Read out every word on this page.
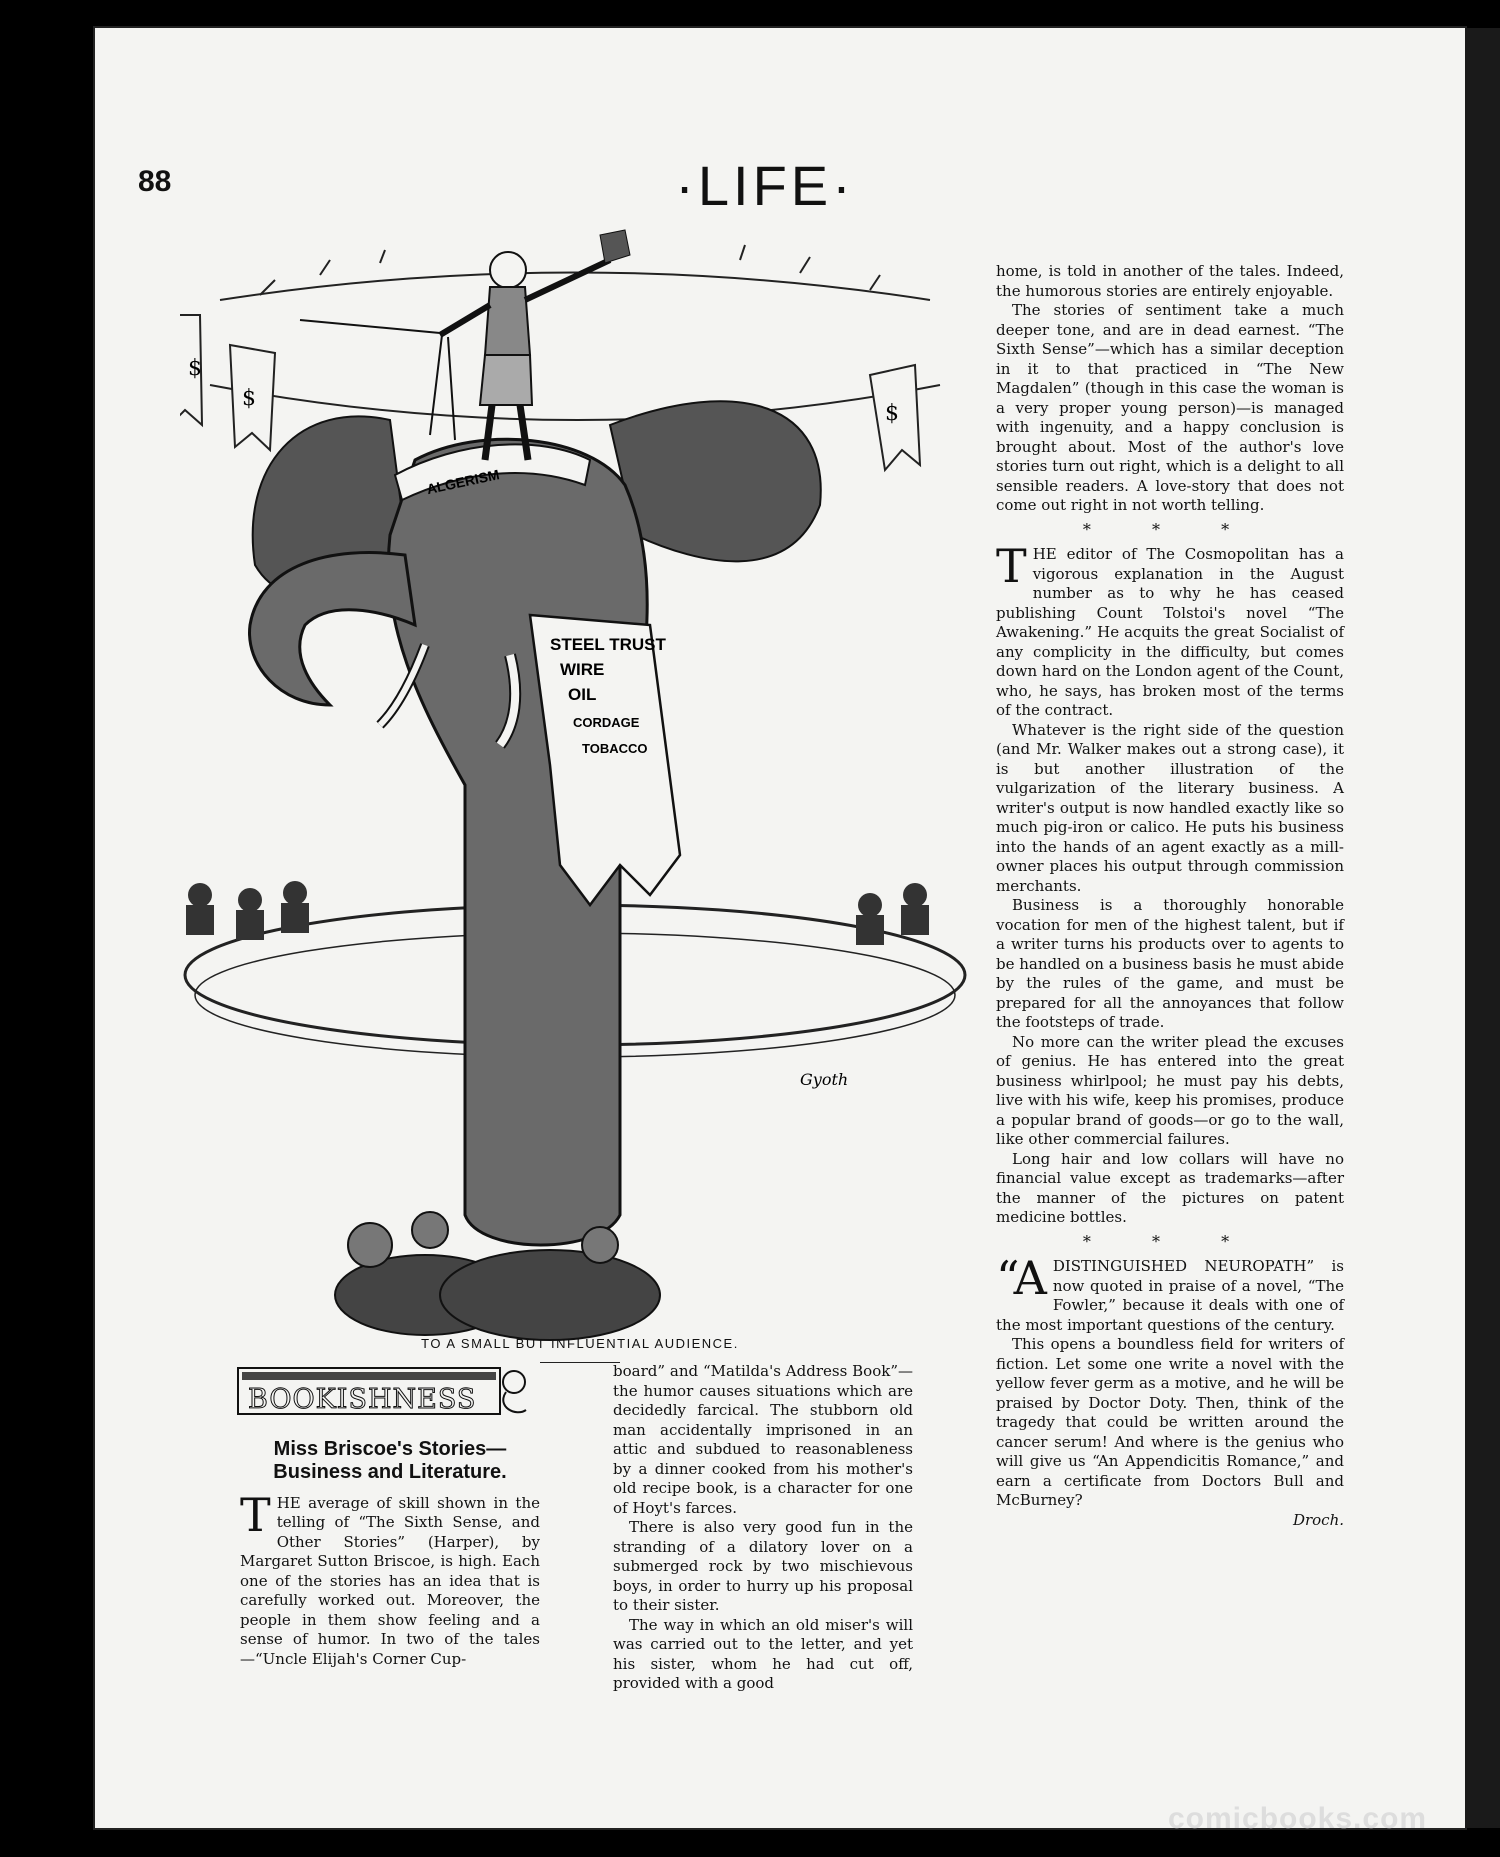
88	·LIFE·
$
$
$
ALGERISM
STEEL TRUST
WIRE
OIL
CORDAGE
TOBACCO
Gyoth
TO A SMALL BUT INFLUENTIAL AUDIENCE.
BOOKISHNESS
Miss Briscoe's Stories—Business and Literature.

THE average of skill shown in the telling of “The Sixth Sense, and Other Stories” (Harper), by Margaret Sutton Briscoe, is high. Each one of the stories has an idea that is carefully worked out. Moreover, the people in them show feeling and a sense of humor. In two of the tales—“Uncle Elijah's Corner Cup-

board” and “Matilda's Address Book”—the humor causes situations which are decidedly farcical. The stubborn old man accidentally imprisoned in an attic and subdued to reasonableness by a dinner cooked from his mother's old recipe book, is a character for one of Hoyt's farces.

There is also very good fun in the stranding of a dilatory lover on a submerged rock by two mischievous boys, in order to hurry up his proposal to their sister.

The way in which an old miser's will was carried out to the letter, and yet his sister, whom he had cut off, provided with a good

home, is told in another of the tales. Indeed, the humorous stories are entirely enjoyable.

The stories of sentiment take a much deeper tone, and are in dead earnest. “The Sixth Sense”—which has a similar deception in it to that practiced in “The New Magdalen” (though in this case the woman is a very proper young person)—is managed with ingenuity, and a happy conclusion is brought about. Most of the author's love stories turn out right, which is a delight to all sensible readers. A love-story that does not come out right in not worth telling.

* * *

THE editor of The Cosmopolitan has a vigorous explanation in the August number as to why he has ceased publishing Count Tolstoi's novel “The Awakening.” He acquits the great Socialist of any complicity in the difficulty, but comes down hard on the London agent of the Count, who, he says, has broken most of the terms of the contract.

Whatever is the right side of the question (and Mr. Walker makes out a strong case), it is but another illustration of the vulgarization of the literary business. A writer's output is now handled exactly like so much pig-iron or calico. He puts his business into the hands of an agent exactly as a mill-owner places his output through commission merchants.

Business is a thoroughly honorable vocation for men of the highest talent, but if a writer turns his products over to agents to be handled on a business basis he must abide by the rules of the game, and must be prepared for all the annoyances that follow the footsteps of trade.

No more can the writer plead the excuses of genius. He has entered into the great business whirlpool; he must pay his debts, live with his wife, keep his promises, produce a popular brand of goods—or go to the wall, like other commercial failures.

Long hair and low collars will have no financial value except as trademarks—after the manner of the pictures on patent medicine bottles.

* * *

“ADISTINGUISHED NEUROPATH” is now quoted in praise of a novel, “The Fowler,” because it deals with one of the most important questions of the century.

This opens a boundless field for writers of fiction. Let some one write a novel with the yellow fever germ as a motive, and he will be praised by Doctor Doty. Then, think of the tragedy that could be written around the cancer serum! And where is the genius who will give us “An Appendicitis Romance,” and earn a certificate from Doctors Bull and McBurney?

Droch.

comicbooks.com
